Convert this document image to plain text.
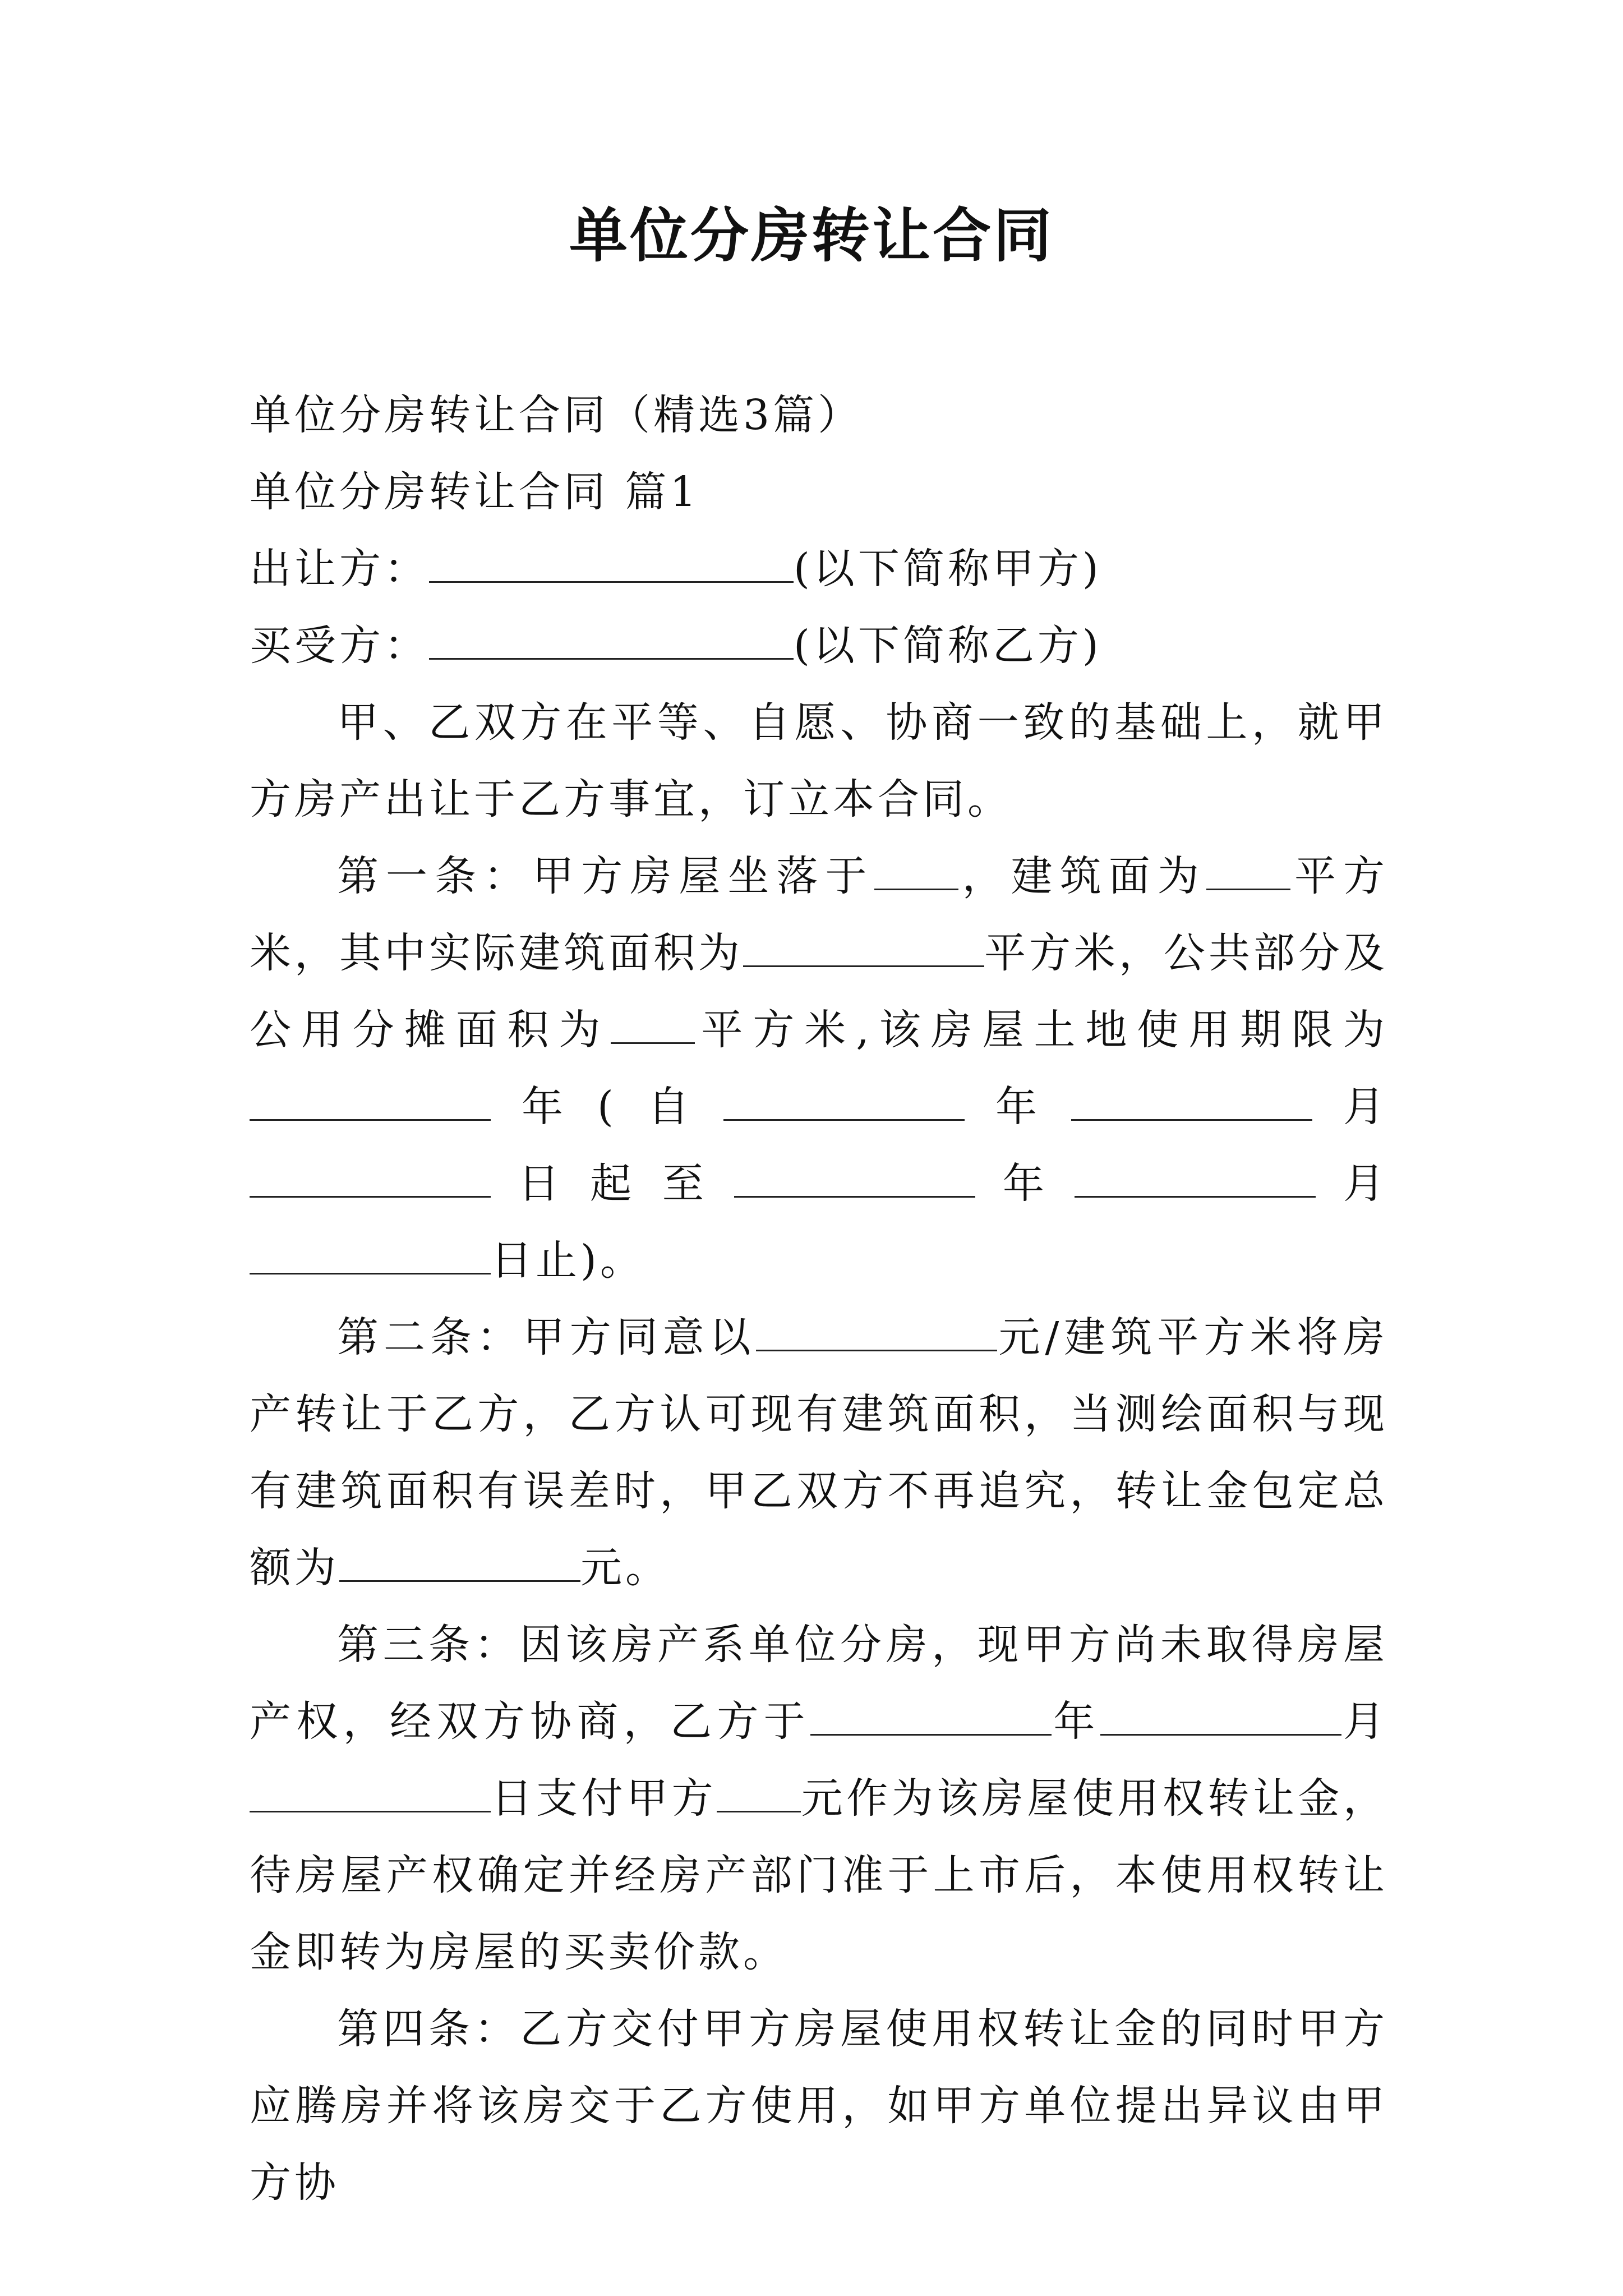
单位分房转让合同

单位分房转让合同（精选3篇）

单位分房转让合同 篇1

出让方：	(以下简称甲方)

买受方：	(以下简称乙方)

甲、乙双方在平等、自愿、协商一致的基础上，就甲方房产出让于乙方事宜，订立本合同。

第一条：甲方房屋坐落于 ，建筑面为 平方米，其中实际建筑面积为	平方米，公共部分及公用分摊面积为 平方米,该房屋土地使用期限为年(自	年	月日起至	年	月日止)。

第二条：甲方同意以	元/建筑平方米将房产转让于乙方，乙方认可现有建筑面积，当测绘面积与现有建筑面积有误差时，甲乙双方不再追究，转让金包定总额为	元。

第三条：因该房产系单位分房，现甲方尚未取得房屋产权，经双方协商，乙方于	年	月日支付甲方 元作为该房屋使用权转让金，待房屋产权确定并经房产部门准于上市后，本使用权转让金即转为房屋的买卖价款。

第四条：乙方交付甲方房屋使用权转让金的同时甲方应腾房并将该房交于乙方使用，如甲方单位提出异议由甲方协
